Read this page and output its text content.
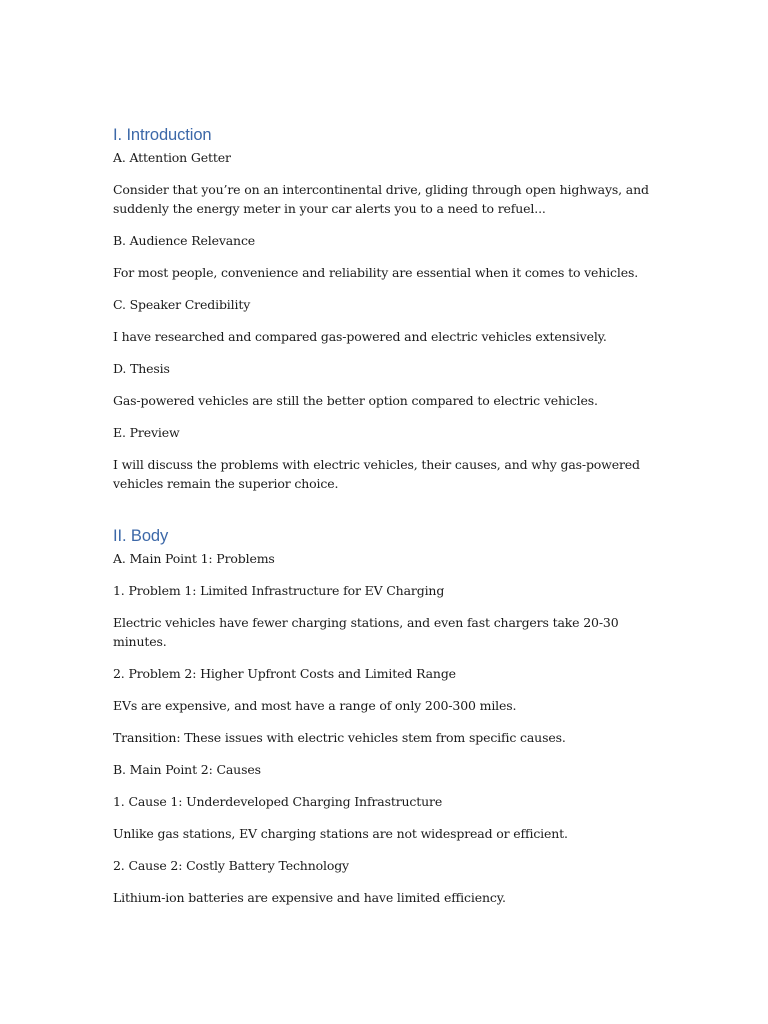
I. Introduction

A. Attention Getter

Consider that you’re on an intercontinental drive, gliding through open highways, and suddenly the energy meter in your car alerts you to a need to refuel...

B. Audience Relevance

For most people, convenience and reliability are essential when it comes to vehicles.

C. Speaker Credibility

I have researched and compared gas-powered and electric vehicles extensively.

D. Thesis

Gas-powered vehicles are still the better option compared to electric vehicles.

E. Preview

I will discuss the problems with electric vehicles, their causes, and why gas-powered vehicles remain the superior choice.

II. Body

A. Main Point 1: Problems

1. Problem 1: Limited Infrastructure for EV Charging

Electric vehicles have fewer charging stations, and even fast chargers take 20-30 minutes.

2. Problem 2: Higher Upfront Costs and Limited Range

EVs are expensive, and most have a range of only 200-300 miles.

Transition: These issues with electric vehicles stem from specific causes.

B. Main Point 2: Causes

1. Cause 1: Underdeveloped Charging Infrastructure

Unlike gas stations, EV charging stations are not widespread or efficient.

2. Cause 2: Costly Battery Technology

Lithium-ion batteries are expensive and have limited efficiency.
